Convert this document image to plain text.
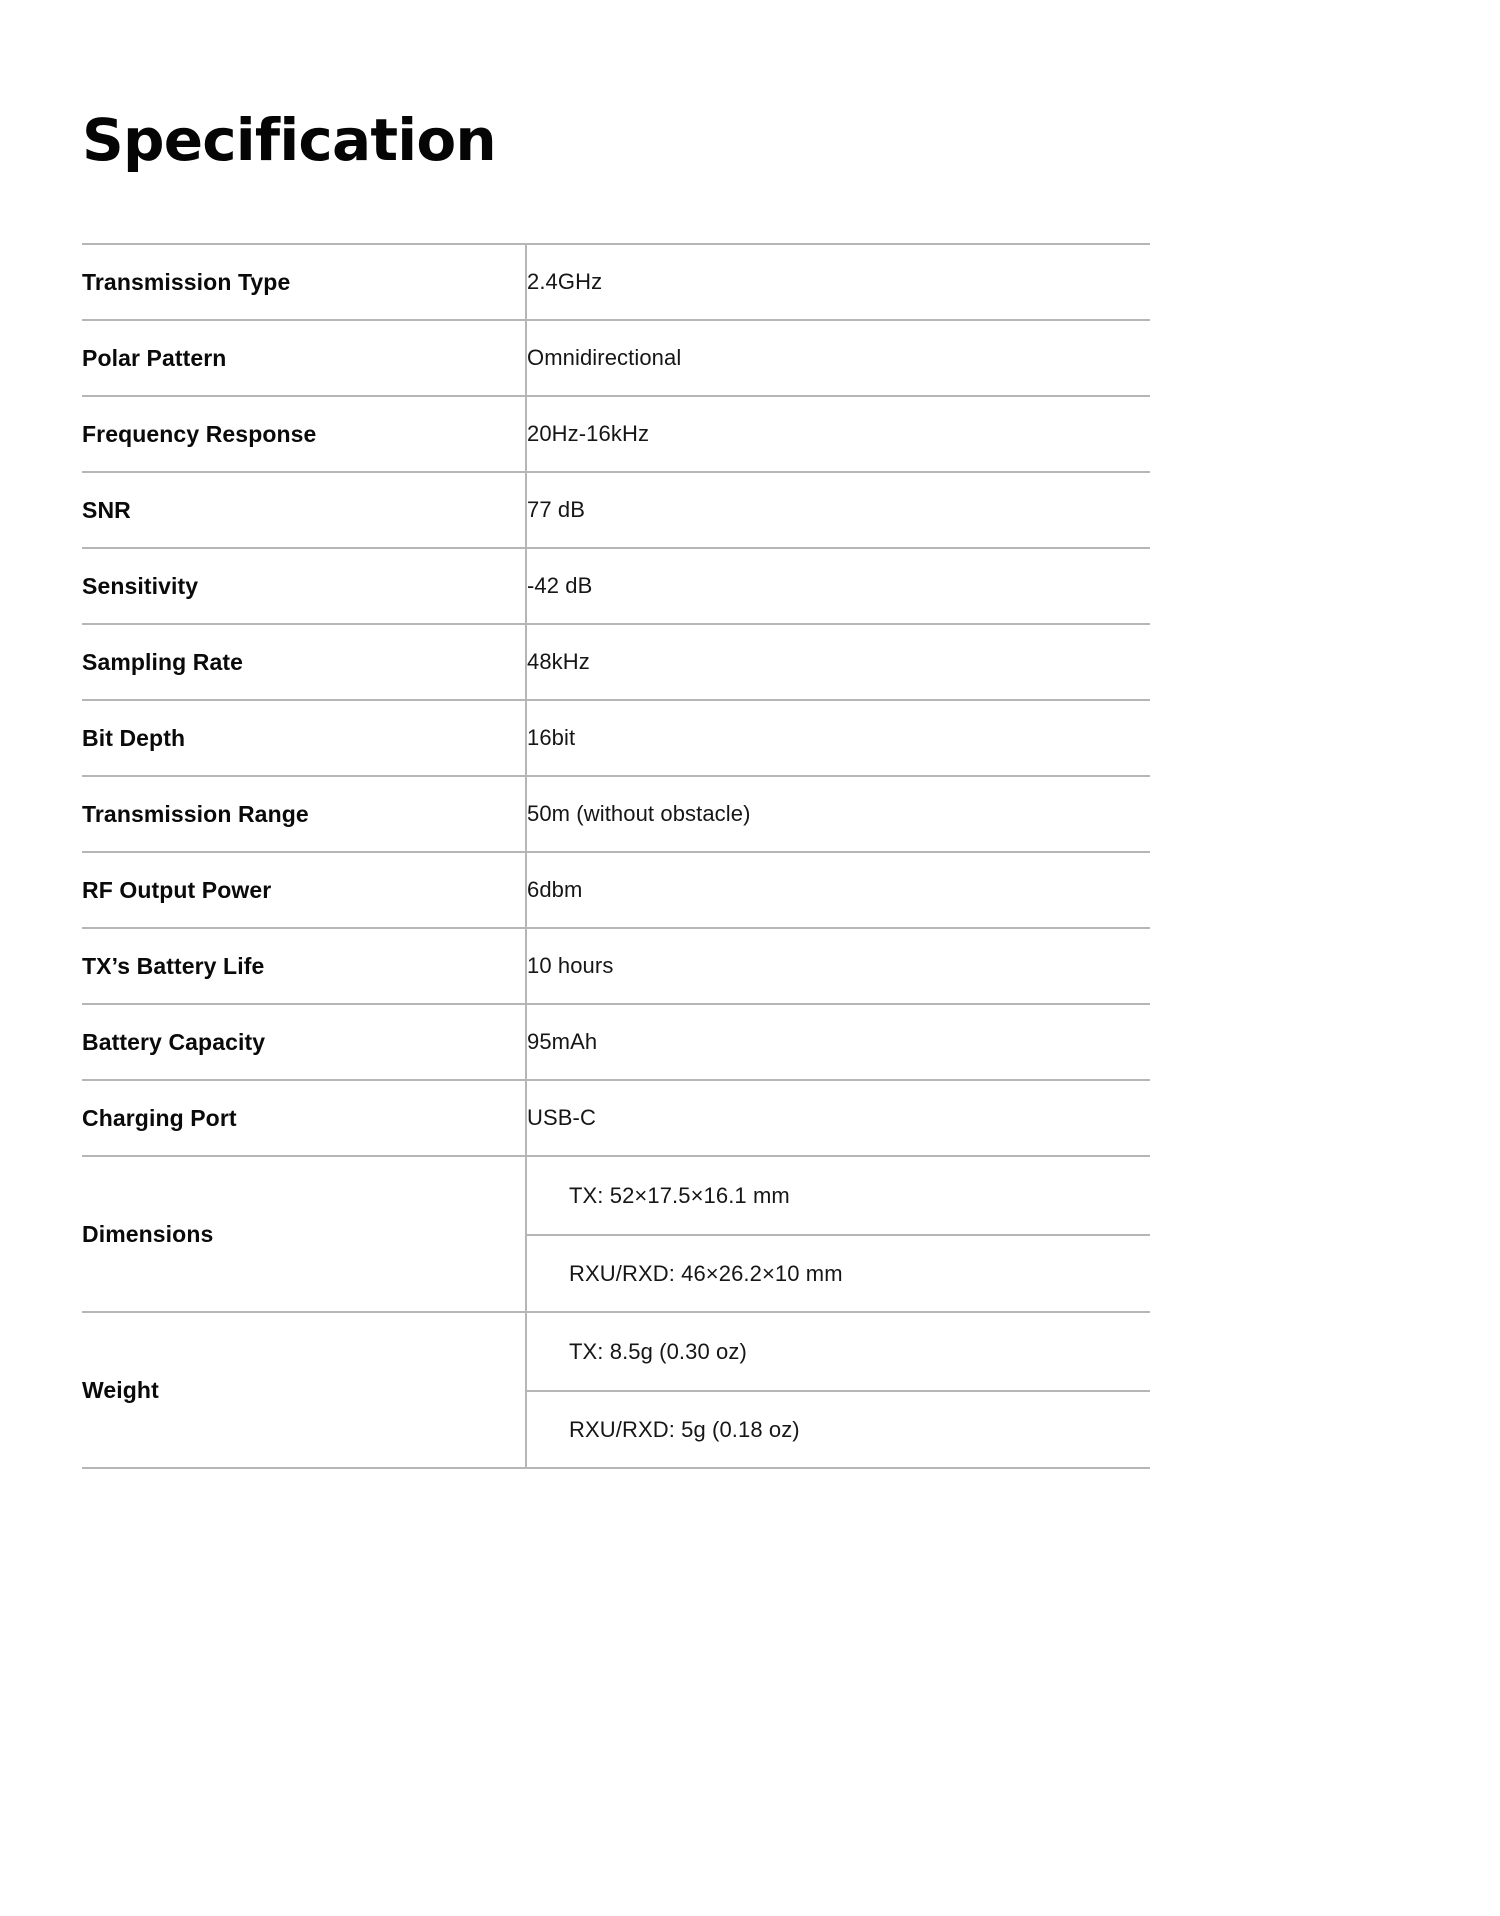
Specification
Transmission Type	2.4GHz

Polar Pattern	Omnidirectional

Frequency Response	20Hz-16kHz

SNR	77 dB

Sensitivity	-42 dB

Sampling Rate	48kHz

Bit Depth	16bit

Transmission Range	50m (without obstacle)

RF Output Power	6dbm

TX’s Battery Life	10 hours

Battery Capacity	95mAh

Charging Port	USB-C

Dimensions	TX: 52×17.5×16.1 mm
RXU/RXD: 46×26.2×10 mm

Weight	TX: 8.5g (0.30 oz)
RXU/RXD: 5g (0.18 oz)
